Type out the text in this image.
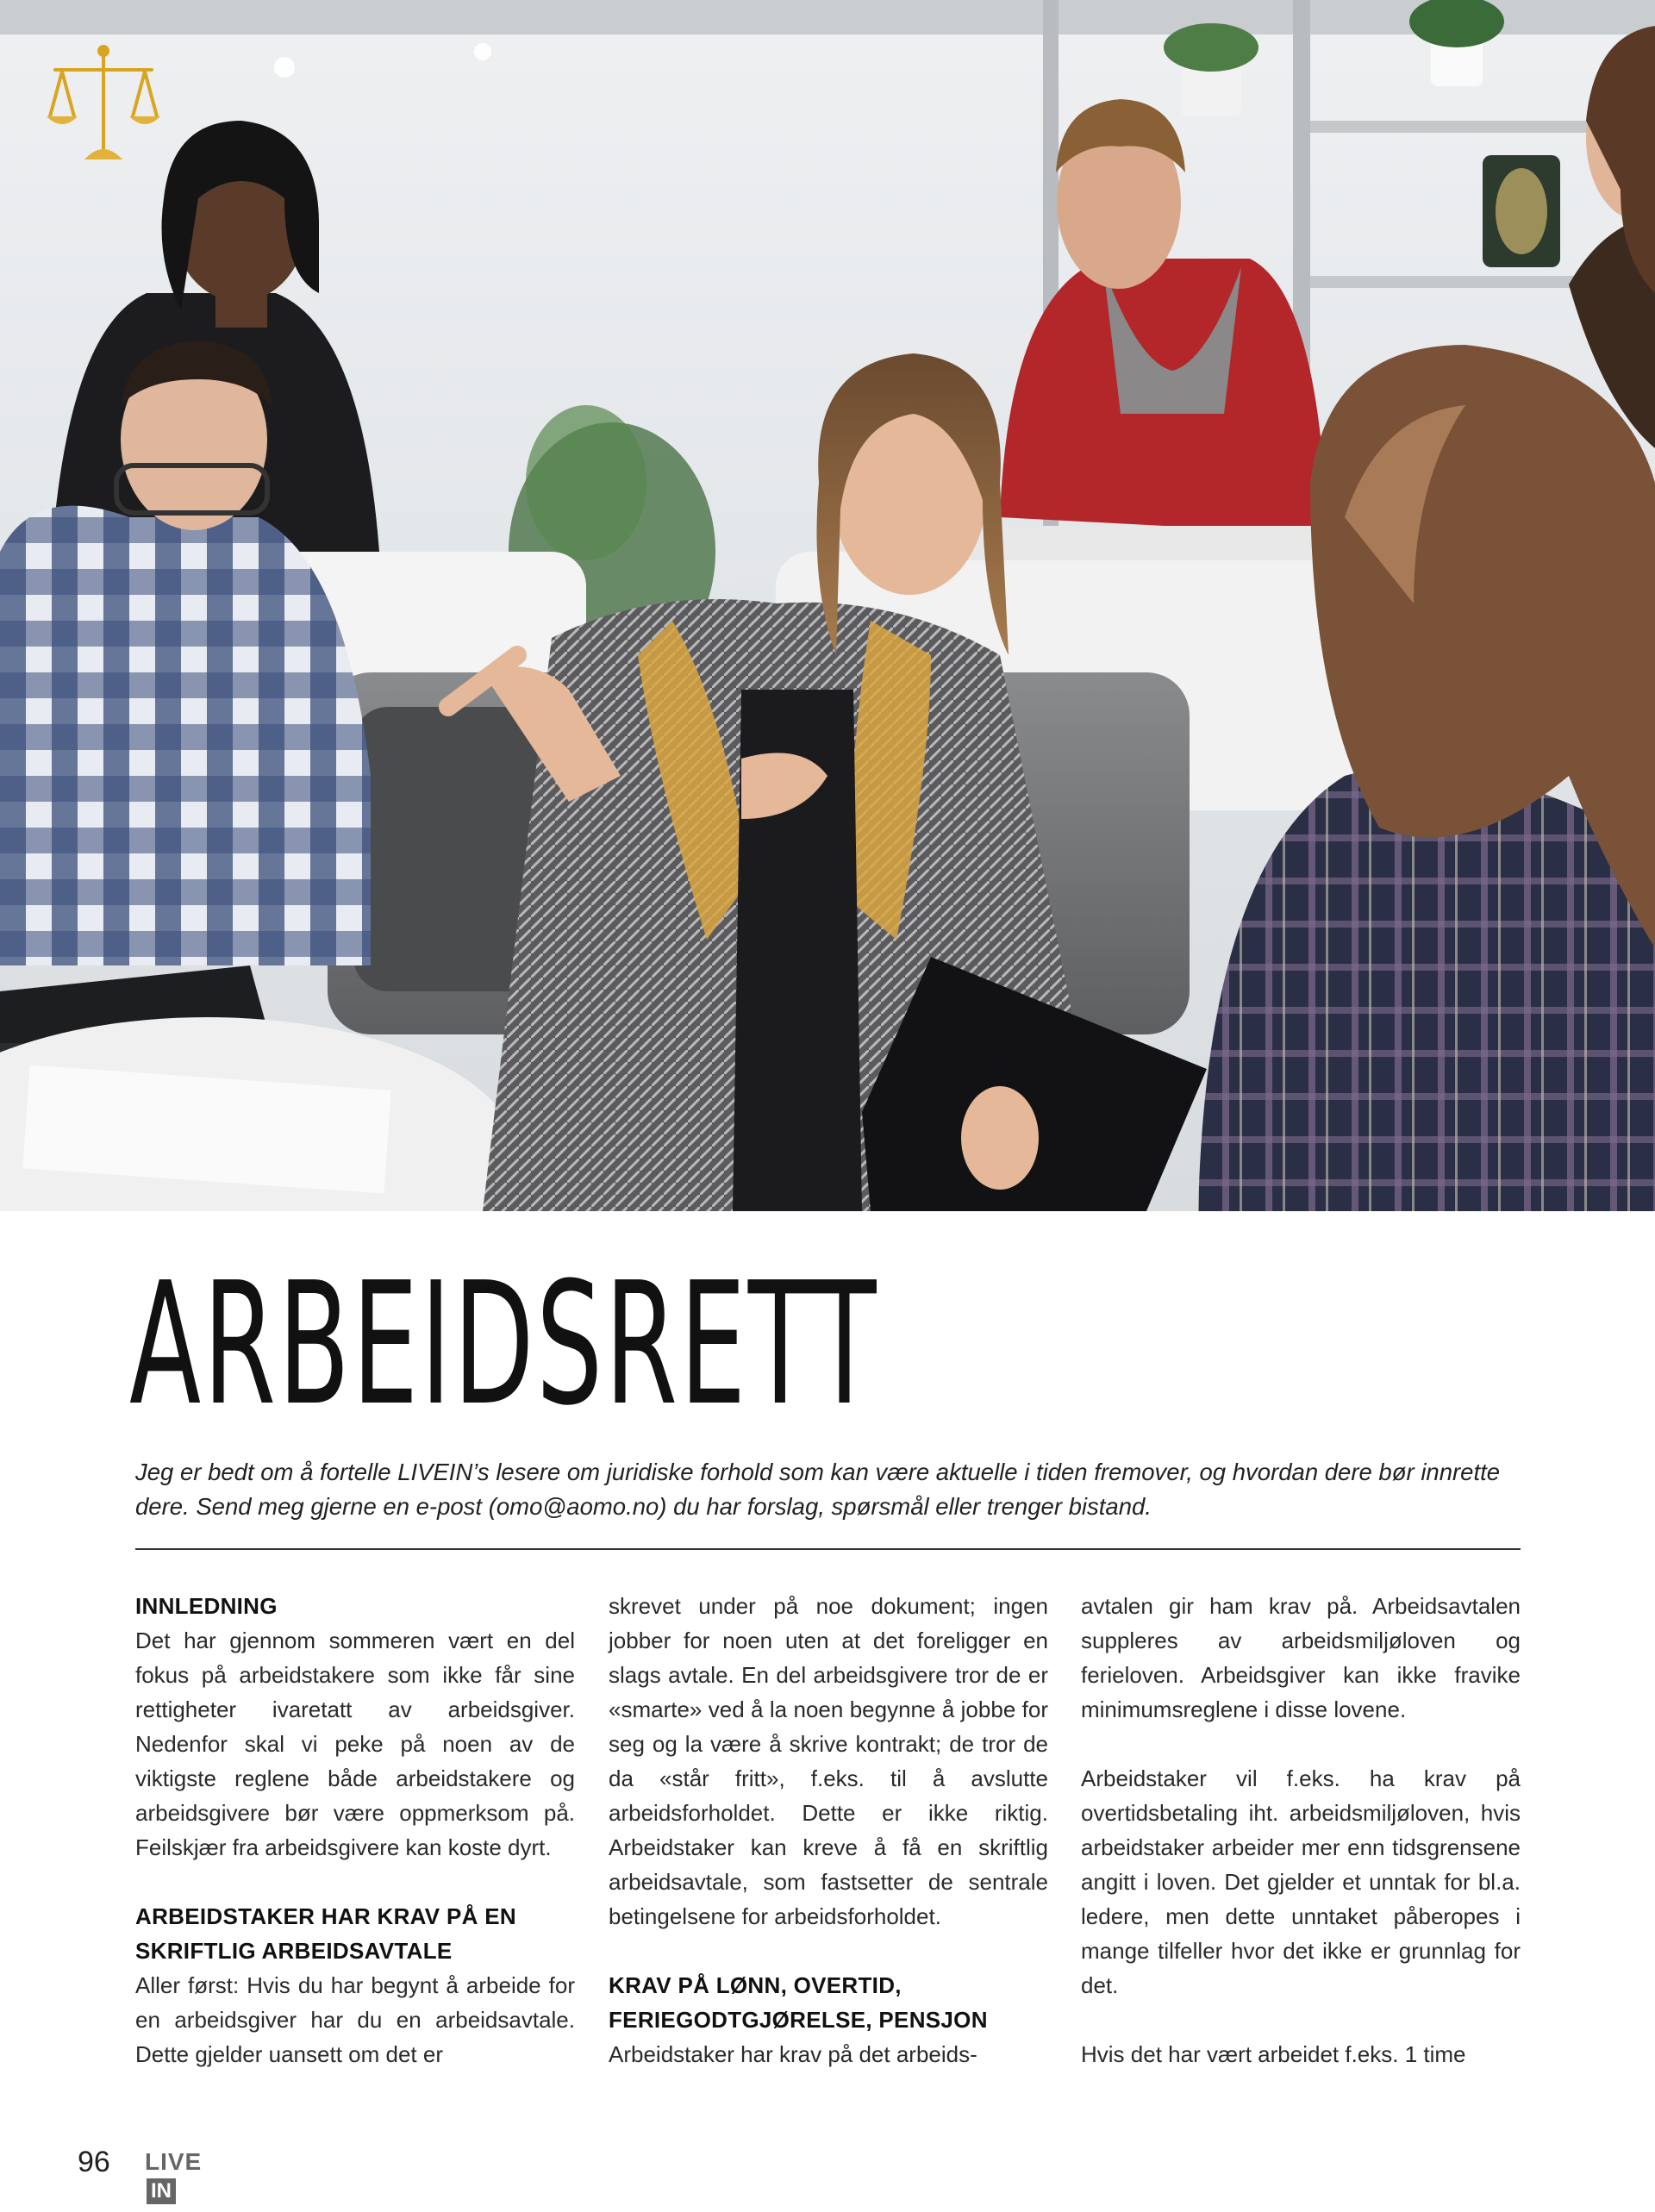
ARBEIDSRETT

Jeg er bedt om å fortelle LIVEIN’s lesere om juridiske forhold som kan være aktuelle i tiden fremover, og hvordan dere bør innrette dere. Send meg gjerne en e-post (omo@aomo.no) du har forslag, spørsmål eller trenger bistand.

INNLEDNING

Det har gjennom sommeren vært en del fokus på arbeidstakere som ikke får sine rettigheter ivaretatt av arbeidsgiver. Nedenfor skal vi peke på noen av de viktigste reglene både arbeidstakere og arbeidsgivere bør være oppmerksom på. Feilskjær fra arbeidsgivere kan koste dyrt.

ARBEIDSTAKER HAR KRAV PÅ EN
SKRIFTLIG ARBEIDSAVTALE

Aller først: Hvis du har begynt å arbeide for en arbeidsgiver har du en arbeidsavtale. Dette gjelder uansett om det er

skrevet under på noe dokument; ingen jobber for noen uten at det foreligger en slags avtale. En del arbeidsgivere tror de er «smarte» ved å la noen begynne å jobbe for seg og la være å skrive kontrakt; de tror de da «står fritt», f.eks. til å avslutte arbeidsforholdet. Dette er ikke riktig. Arbeidstaker kan kreve å få en skriftlig arbeidsavtale, som fastsetter de sentrale betingelsene for arbeidsforholdet.

KRAV PÅ LØNN, OVERTID,
FERIEGODTGJØRELSE, PENSJON

Arbeidstaker har krav på det arbeids-

avtalen gir ham krav på. Arbeidsavtalen suppleres av arbeidsmiljøloven og ferieloven. Arbeidsgiver kan ikke fravike minimumsreglene i disse lovene.

Arbeidstaker vil f.eks. ha krav på overtidsbetaling iht. arbeidsmiljøloven, hvis arbeidstaker arbeider mer enn tidsgrensene angitt i loven. Det gjelder et unntak for bl.a. ledere, men dette unntaket påberopes i mange tilfeller hvor det ikke er grunnlag for det.

Hvis det har vært arbeidet f.eks. 1 time

96 LIVEIN
